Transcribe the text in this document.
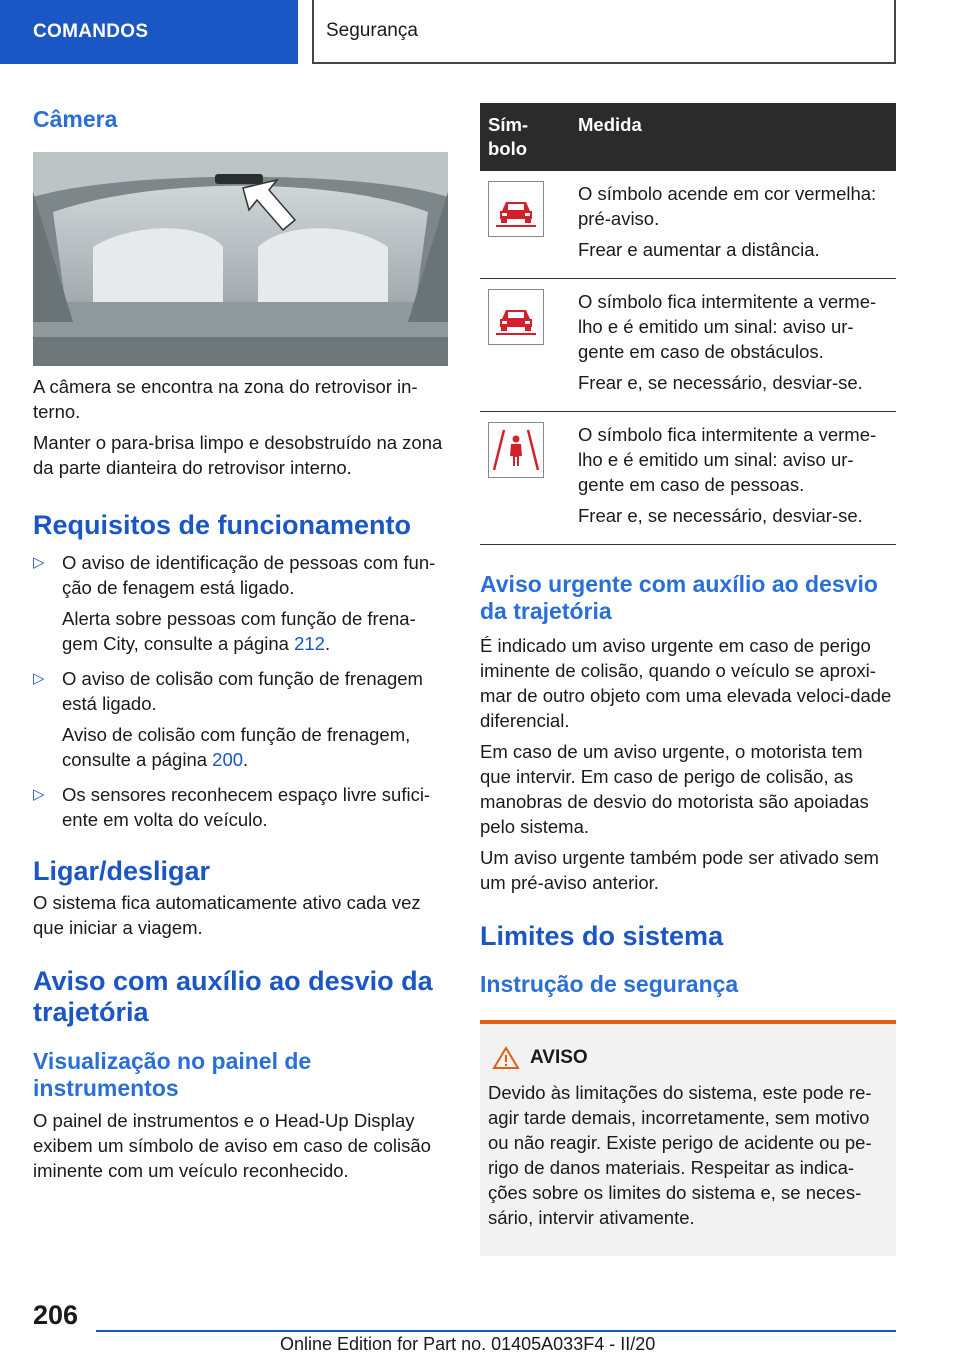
COMANDOS	Segurança
Câmera

A câmera se encontra na zona do retrovisor in-terno.

Manter o para-brisa limpo e desobstruído na zona da parte dianteira do retrovisor interno.

Requisitos de funcionamento
▷ O aviso de identificação de pessoas com fun-ção de fenagem está ligado.

Alerta sobre pessoas com função de frena-gem City, consulte a página 212.

▷ O aviso de colisão com função de frenagem está ligado.

Aviso de colisão com função de frenagem, consulte a página 200.

▷ Os sensores reconhecem espaço livre sufici-ente em volta do veículo.

Ligar/desligar

O sistema fica automaticamente ativo cada vez que iniciar a viagem.

Aviso com auxílio ao desvio da trajetória
Visualização no painel de instrumentos

O painel de instrumentos e o Head-Up Display exibem um símbolo de aviso em caso de colisão iminente com um veículo reconhecido.

Sím-bolo	Medida

O símbolo acende em cor vermelha: pré-aviso.

Frear e aumentar a distância.

O símbolo fica intermitente a verme-lho e é emitido um sinal: aviso ur-gente em caso de obstáculos.

Frear e, se necessário, desviar-se.

O símbolo fica intermitente a verme-lho e é emitido um sinal: aviso ur-gente em caso de pessoas.

Frear e, se necessário, desviar-se.

Aviso urgente com auxílio ao desvio da trajetória

É indicado um aviso urgente em caso de perigo iminente de colisão, quando o veículo se aproxi-mar de outro objeto com uma elevada veloci-dade diferencial.

Em caso de um aviso urgente, o motorista tem que intervir. Em caso de perigo de colisão, as manobras de desvio do motorista são apoiadas pelo sistema.

Um aviso urgente também pode ser ativado sem um pré-aviso anterior.

Limites do sistema
Instrução de segurança
AVISO

Devido às limitações do sistema, este pode re-agir tarde demais, incorretamente, sem motivo ou não reagir. Existe perigo de acidente ou pe-rigo de danos materiais. Respeitar as indica-ções sobre os limites do sistema e, se neces-sário, intervir ativamente.

206
Online Edition for Part no. 01405A033F4 - II/20
